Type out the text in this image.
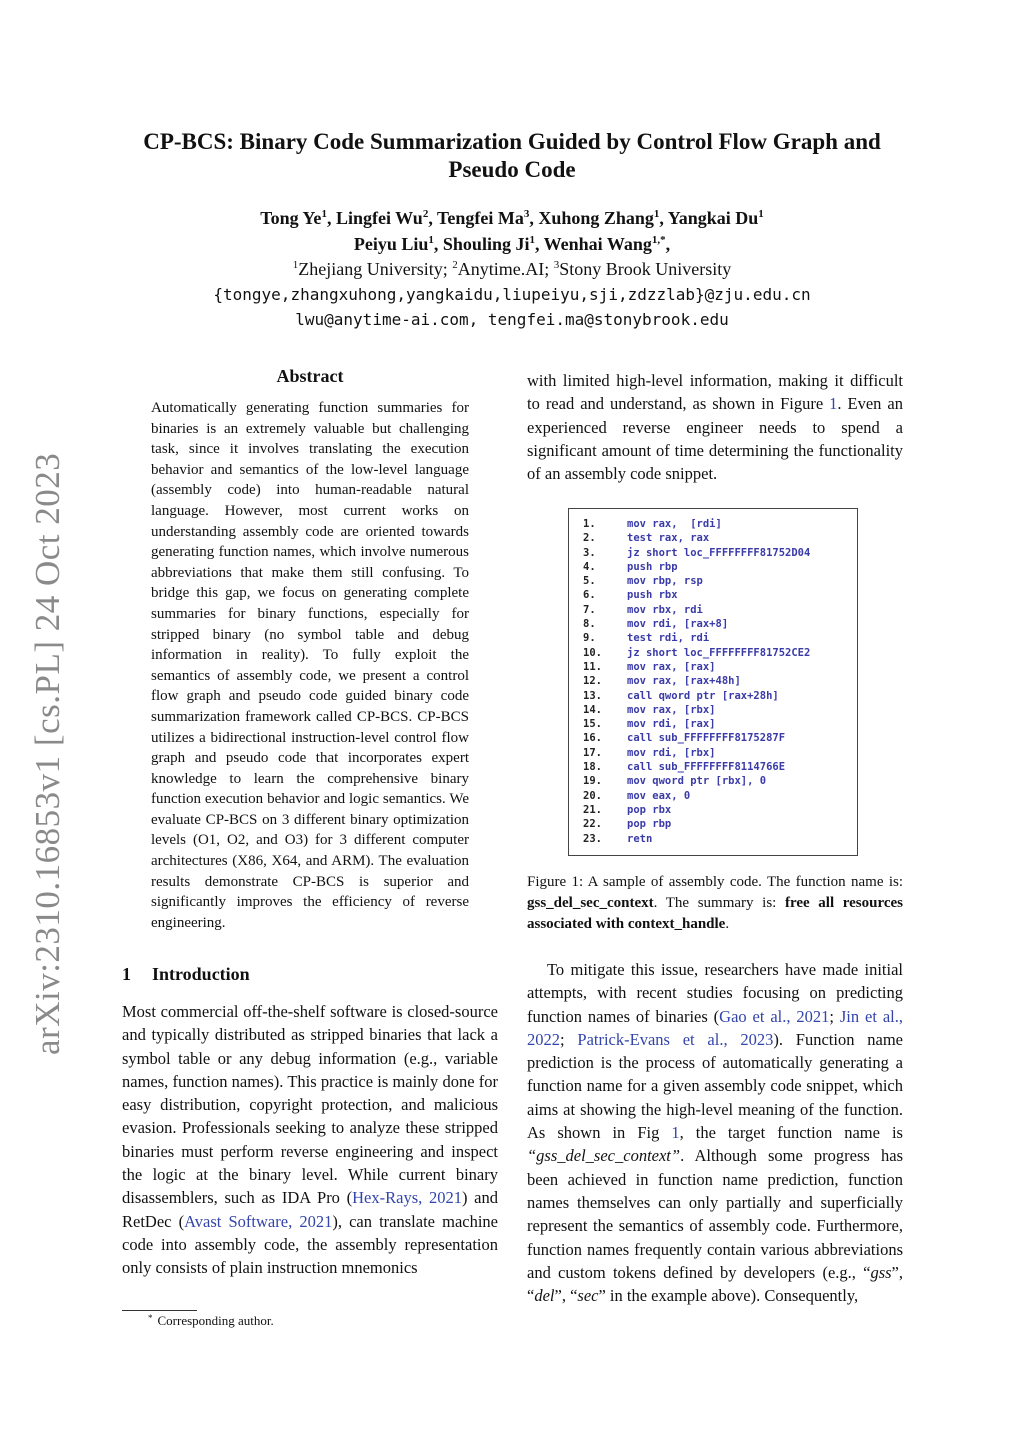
arXiv:2310.16853v1 [cs.PL] 24 Oct 2023
CP-BCS: Binary Code Summarization Guided by Control Flow Graph and
Pseudo Code
Tong Ye$^1$, Lingfei Wu$^2$, Tengfei Ma$^3$, Xuhong Zhang$^1$, Yangkai Du$^1$
Peiyu Liu$^1$, Shouling Ji$^1$, Wenhai Wang$^{1,*}$,
$^1$Zhejiang University; $^2$Anytime.AI; $^3$Stony Brook University
{tongye,zhangxuhong,yangkaidu,liupeiyu,sji,zdzzlab}@zju.edu.cn
lwu@anytime-ai.com, tengfei.ma@stonybrook.edu
Abstract
Automatically generating function summaries for binaries is an extremely valuable but challenging task, since it involves translating the execution behavior and semantics of the low-level language (assembly code) into human-readable natural language. However, most current works on understanding assembly code are oriented towards generating function names, which involve numerous abbreviations that make them still confusing. To bridge this gap, we focus on generating complete summaries for binary functions, especially for stripped binary (no symbol table and debug information in reality). To fully exploit the semantics of assembly code, we present a control flow graph and pseudo code guided binary code summarization framework called CP-BCS. CP-BCS utilizes a bidirectional instruction-level control flow graph and pseudo code that incorporates expert knowledge to learn the comprehensive binary function execution behavior and logic semantics. We evaluate CP-BCS on 3 different binary optimization levels (O1, O2, and O3) for 3 different computer architectures (X86, X64, and ARM). The evaluation results demonstrate CP-BCS is superior and significantly improves the efficiency of reverse engineering.
1 Introduction
Most commercial off-the-shelf software is closed-source and typically distributed as stripped binaries that lack a symbol table or any debug information (e.g., variable names, function names). This practice is mainly done for easy distribution, copyright protection, and malicious evasion. Professionals seeking to analyze these stripped binaries must perform reverse engineering and inspect the logic at the binary level. While current binary disassemblers, such as IDA Pro (Hex-Rays, 2021) and RetDec (Avast Software, 2021), can translate machine code into assembly code, the assembly representation only consists of plain instruction mnemonics
* Corresponding author.
with limited high-level information, making it difficult to read and understand, as shown in Figure 1. Even an experienced reverse engineer needs to spend a significant amount of time determining the functionality of an assembly code snippet.
1.	mov rax,  [rdi]
2.	test rax, rax
3.	jz short loc_FFFFFFFF81752D04
4.	push rbp
5.	mov rbp, rsp
6.	push rbx
7.	mov rbx, rdi
8.	mov rdi, [rax+8]
9.	test rdi, rdi
10. jz short loc_FFFFFFFF81752CE2
11. mov rax, [rax]
12. mov rax, [rax+48h]
13. call qword ptr [rax+28h]
14. mov rax, [rbx]
15. mov rdi, [rax]
16. call sub_FFFFFFFF8175287F
17. mov rdi, [rbx]
18. call sub_FFFFFFFF8114766E
19. mov qword ptr [rbx], 0
20. mov eax, 0
21. pop rbx
22. pop rbp
23. retn
Figure 1: A sample of assembly code. The function name is: gss_del_sec_context. The summary is: free all resources associated with context_handle.
To mitigate this issue, researchers have made initial attempts, with recent studies focusing on predicting function names of binaries (Gao et al., 2021; Jin et al., 2022; Patrick-Evans et al., 2023). Function name prediction is the process of automatically generating a function name for a given assembly code snippet, which aims at showing the high-level meaning of the function. As shown in Fig 1, the target function name is “gss_del_sec_context”. Although some progress has been achieved in function name prediction, function names themselves can only partially and superficially represent the semantics of assembly code. Furthermore, function names frequently contain various abbreviations and custom tokens defined by developers (e.g., “gss”, “del”, “sec” in the example above). Consequently,
